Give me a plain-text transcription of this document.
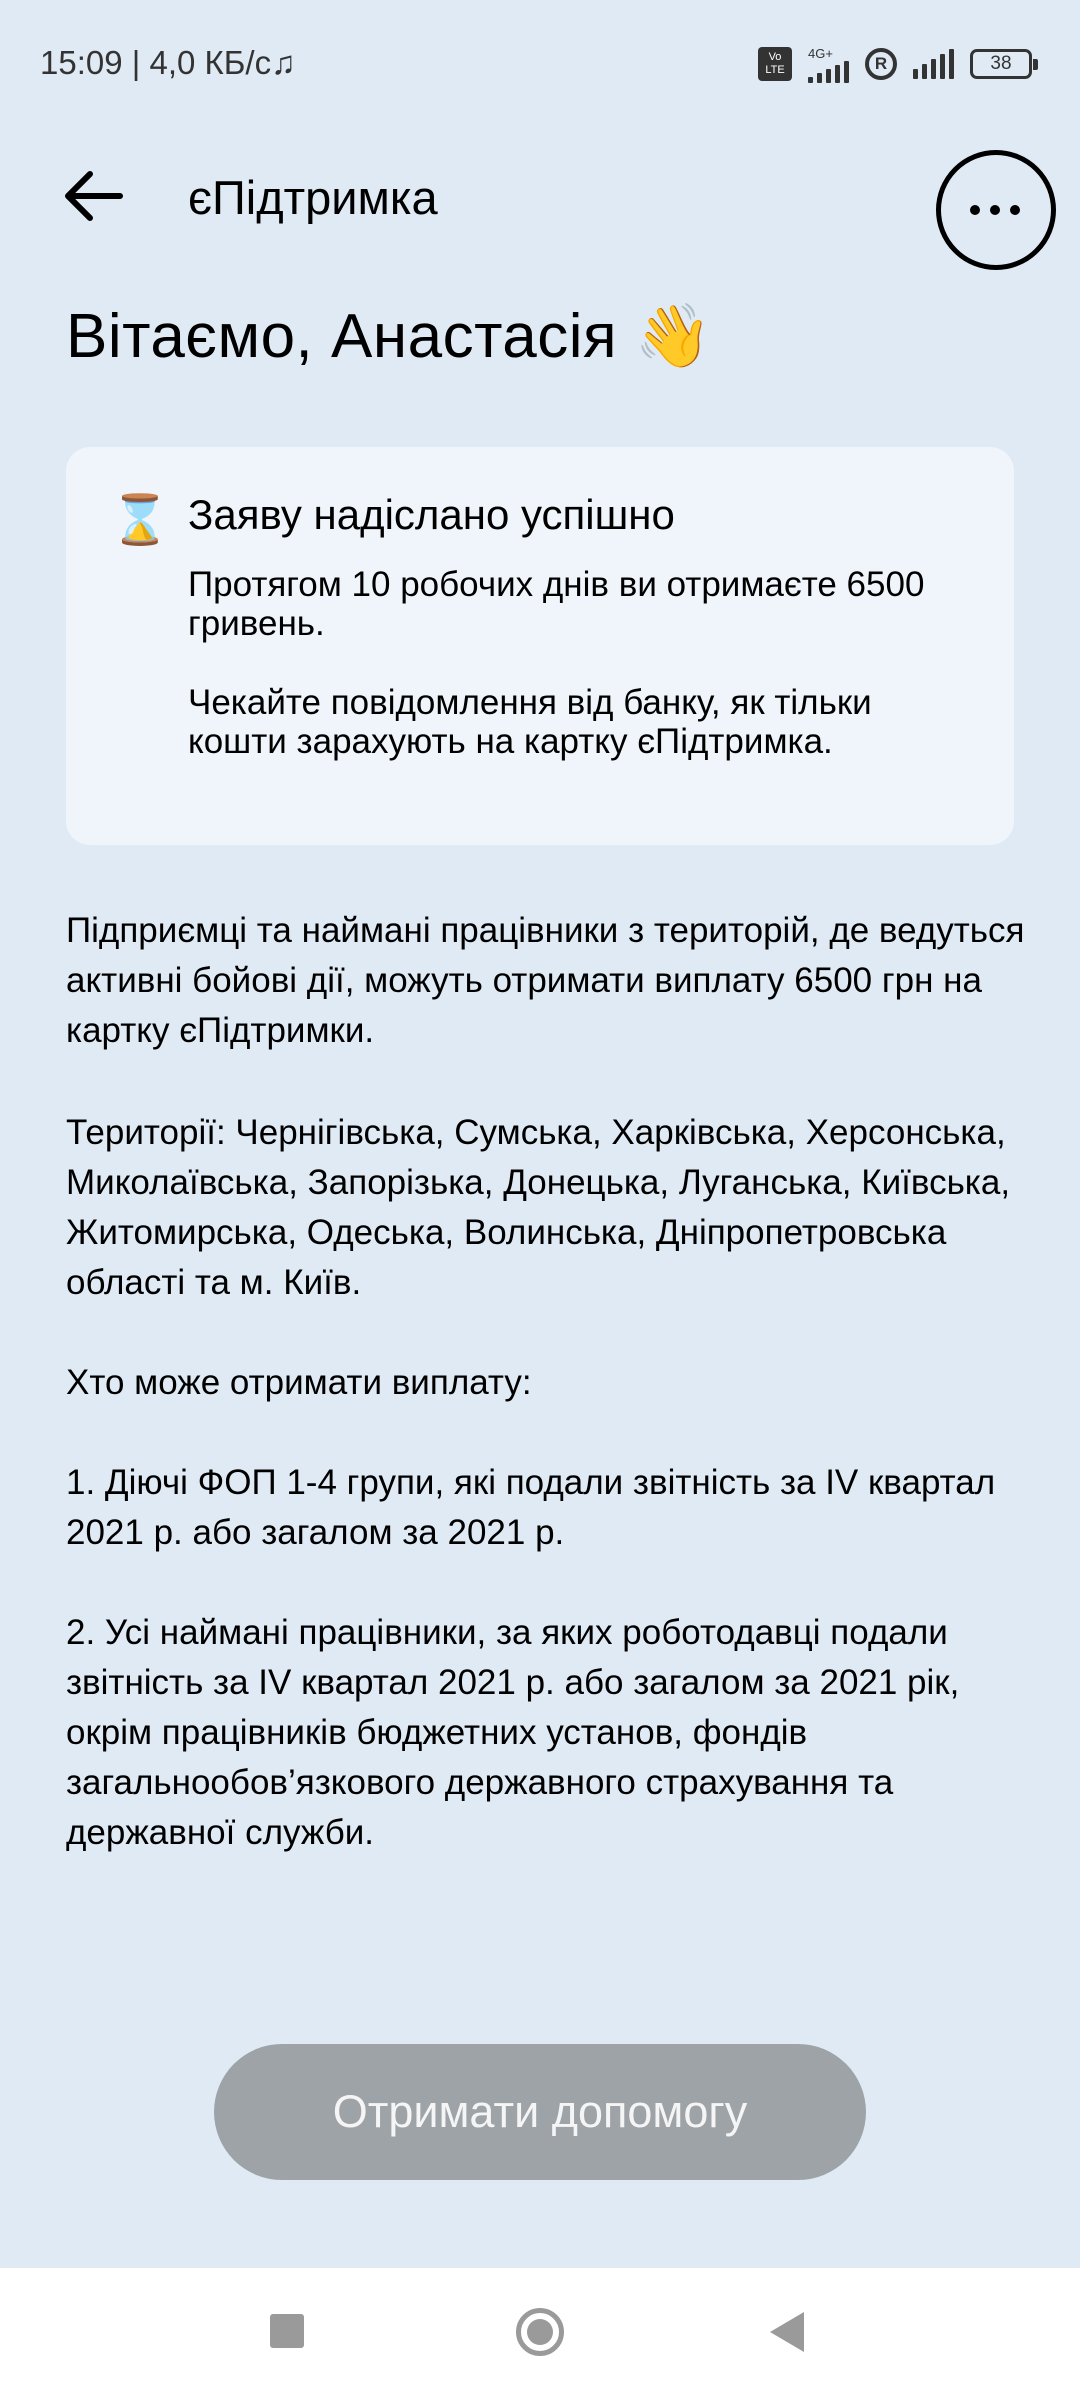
15:09 | 4,0 КБ/с♫	Vo LTE
4G+
R	38
єПідтримка
Вітаємо, Анастасія 👋
⌛ Заяву надіслано успішно

Протягом 10 робочих днів ви отримаєте 6500 гривень.

Чекайте повідомлення від банку, як тільки кошти зарахують на картку єПідтримка.

Підприємці та наймані працівники з територій, де ведуться активні бойові дії, можуть отримати виплату 6500 грн на картку єПідтримки.

Території: Чернігівська, Сумська, Харківська, Херсонська, Миколаївська, Запорізька, Донецька, Луганська, Київська, Житомирська, Одеська, Волинська, Дніпропетровська області та м. Київ.

Хто може отримати виплату:

1. Діючі ФОП 1-4 групи, які подали звітність за IV квартал 2021 р. або загалом за 2021 р.

2. Усі наймані працівники, за яких роботодавці подали звітність за IV квартал 2021 р. або загалом за 2021 рік, окрім працівників бюджетних установ, фондів загальнообов’язкового державного страхування та державної служби.

Отримати допомогу
